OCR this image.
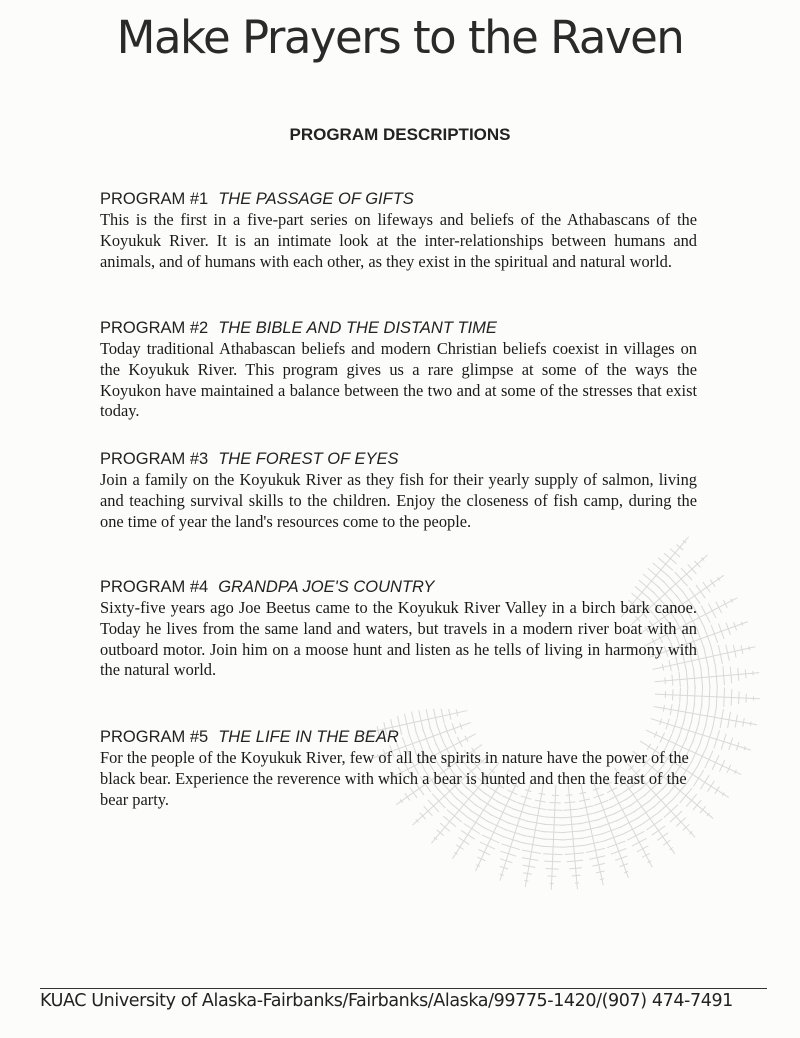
Make Prayers to the Raven
PROGRAM DESCRIPTIONS
PROGRAM #1 THE PASSAGE OF GIFTS

This is the first in a five-part series on lifeways and beliefs of the Athabascans of the Koyukuk River. It is an intimate look at the inter-relationships between humans and animals, and of humans with each other, as they exist in the spiritual and natural world.

PROGRAM #2 THE BIBLE AND THE DISTANT TIME

Today traditional Athabascan beliefs and modern Christian beliefs coexist in villages on the Koyukuk River. This program gives us a rare glimpse at some of the ways the Koyukon have maintained a balance between the two and at some of the stresses that exist today.

PROGRAM #3 THE FOREST OF EYES

Join a family on the Koyukuk River as they fish for their yearly supply of salmon, living and teaching survival skills to the children. Enjoy the closeness of fish camp, during the one time of year the land's resources come to the people.

PROGRAM #4 GRANDPA JOE'S COUNTRY

Sixty-five years ago Joe Beetus came to the Koyukuk River Valley in a birch bark canoe. Today he lives from the same land and waters, but travels in a modern river boat with an outboard motor. Join him on a moose hunt and listen as he tells of living in harmony with the natural world.

PROGRAM #5 THE LIFE IN THE BEAR

For the people of the Koyukuk River, few of all the spirits in nature have the power of the black bear. Experience the reverence with which a bear is hunted and then the feast of the bear party.

KUAC University of Alaska-Fairbanks/Fairbanks/Alaska/99775-1420/(907) 474-7491
